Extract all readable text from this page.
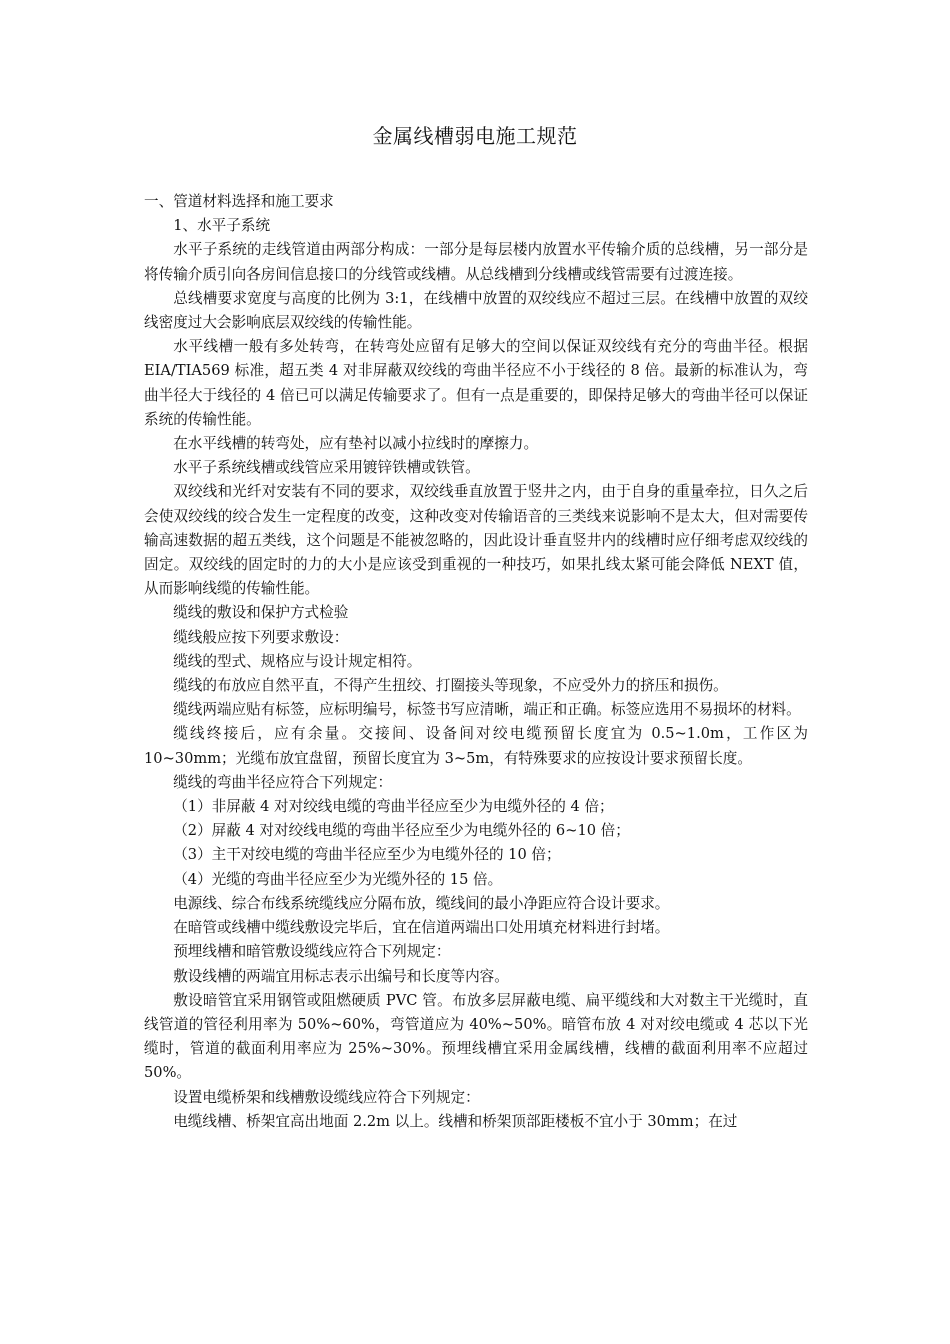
金属线槽弱电施工规范

一、管道材料选择和施工要求

1、水平子系统

水平子系统的走线管道由两部分构成：一部分是每层楼内放置水平传输介质的总线槽，另一部分是将传输介质引向各房间信息接口的分线管或线槽。从总线槽到分线槽或线管需要有过渡连接。

总线槽要求宽度与高度的比例为 3:1，在线槽中放置的双绞线应不超过三层。在线槽中放置的双绞线密度过大会影响底层双绞线的传输性能。

水平线槽一般有多处转弯，在转弯处应留有足够大的空间以保证双绞线有充分的弯曲半径。根据 EIA/TIA569 标准，超五类 4 对非屏蔽双绞线的弯曲半径应不小于线径的 8 倍。最新的标准认为，弯曲半径大于线径的 4 倍已可以满足传输要求了。但有一点是重要的，即保持足够大的弯曲半径可以保证系统的传输性能。

在水平线槽的转弯处，应有垫衬以减小拉线时的摩擦力。

水平子系统线槽或线管应采用镀锌铁槽或铁管。

双绞线和光纤对安装有不同的要求，双绞线垂直放置于竖井之内，由于自身的重量牵拉，日久之后会使双绞线的绞合发生一定程度的改变，这种改变对传输语音的三类线来说影响不是太大，但对需要传输高速数据的超五类线，这个问题是不能被忽略的，因此设计垂直竖井内的线槽时应仔细考虑双绞线的固定。双绞线的固定时的力的大小是应该受到重视的一种技巧，如果扎线太紧可能会降低 NEXT 值，从而影响线缆的传输性能。

缆线的敷设和保护方式检验

缆线般应按下列要求敷设：

缆线的型式、规格应与设计规定相符。

缆线的布放应自然平直，不得产生扭绞、打圈接头等现象，不应受外力的挤压和损伤。

缆线两端应贴有标签，应标明编号，标签书写应清晰，端正和正确。标签应选用不易损坏的材料。

缆线终接后，应有余量。交接间、设备间对绞电缆预留长度宜为 0.5~1.0m，工作区为 10~30mm；光缆布放宜盘留，预留长度宜为 3~5m，有特殊要求的应按设计要求预留长度。

缆线的弯曲半径应符合下列规定：

（1）非屏蔽 4 对对绞线电缆的弯曲半径应至少为电缆外径的 4 倍；

（2）屏蔽 4 对对绞线电缆的弯曲半径应至少为电缆外径的 6~10 倍；

（3）主干对绞电缆的弯曲半径应至少为电缆外径的 10 倍；

（4）光缆的弯曲半径应至少为光缆外径的 15 倍。

电源线、综合布线系统缆线应分隔布放，缆线间的最小净距应符合设计要求。

在暗管或线槽中缆线敷设完毕后，宜在信道两端出口处用填充材料进行封堵。

预埋线槽和暗管敷设缆线应符合下列规定：

敷设线槽的两端宜用标志表示出编号和长度等内容。

敷设暗管宜采用钢管或阻燃硬质 PVC 管。布放多层屏蔽电缆、扁平缆线和大对数主干光缆时，直线管道的管径利用率为 50%~60%，弯管道应为 40%~50%。暗管布放 4 对对绞电缆或 4 芯以下光缆时，管道的截面利用率应为 25%~30%。预埋线槽宜采用金属线槽，线槽的截面利用率不应超过 50%。

设置电缆桥架和线槽敷设缆线应符合下列规定：

电缆线槽、桥架宜高出地面 2.2m 以上。线槽和桥架顶部距楼板不宜小于 30mm；在过
